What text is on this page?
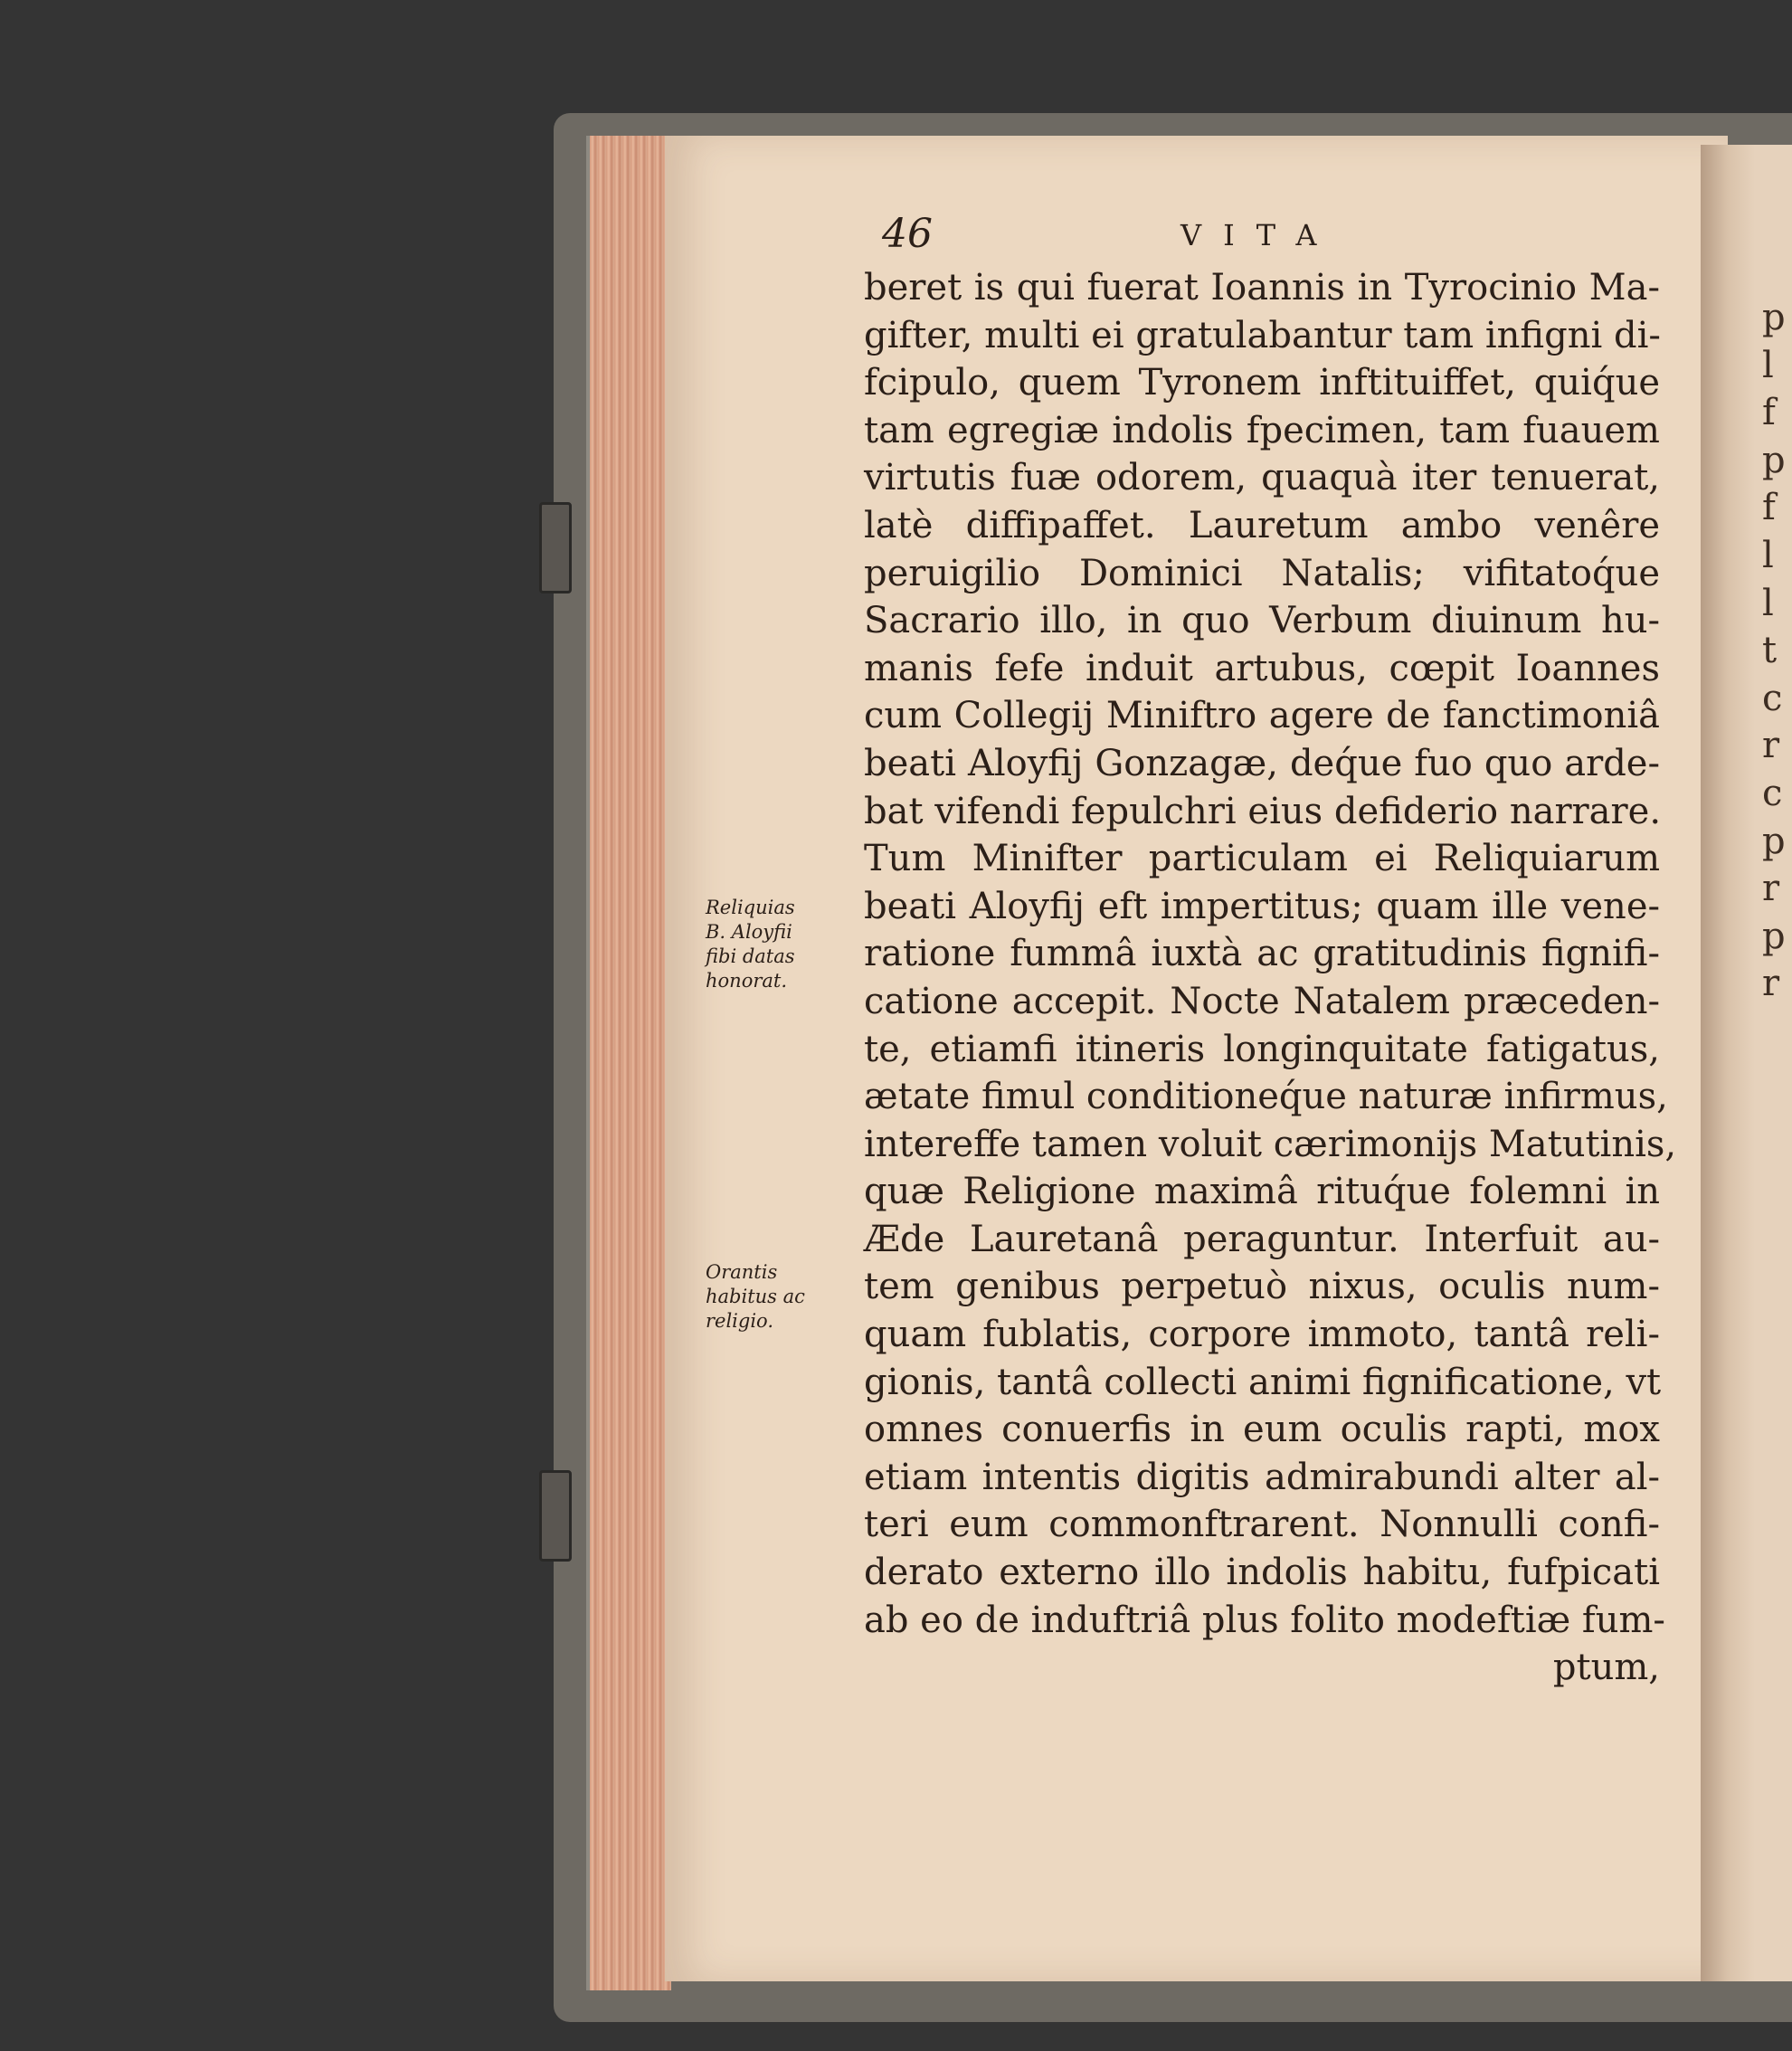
p
l
f
p
f
l
l
t
c
r
c
p
r
p
r
46	VITA
beret is qui fuerat Ioannis in Tyrocinio Ma-
gifter, multi ei gratulabantur tam infigni di-
fcipulo, quem Tyronem inftituiffet, quiq́ue
tam egregiæ indolis fpecimen, tam fuauem
virtutis fuæ odorem, quaquà iter tenuerat,
latè diffipaffet. Lauretum ambo venêre
peruigilio Dominici Natalis; vifitatoq́ue
Sacrario illo, in quo Verbum diuinum hu-
manis fefe induit artubus, cœpit Ioannes
cum Collegij Miniftro agere de fanctimoniâ
beati Aloyfij Gonzagæ, deq́ue fuo quo arde-
bat vifendi fepulchri eius defiderio narrare.
Tum Minifter particulam ei Reliquiarum
beati Aloyfij eft impertitus; quam ille vene-
ratione fummâ iuxtà ac gratitudinis fignifi-
catione accepit. Nocte Natalem præceden-
te, etiamfi itineris longinquitate fatigatus,
ætate fimul conditioneq́ue naturæ infirmus,
intereffe tamen voluit cærimonijs Matutinis,
quæ Religione maximâ rituq́ue folemni in
Æde Lauretanâ peraguntur. Interfuit au-
tem genibus perpetuò nixus, oculis num-
quam fublatis, corpore immoto, tantâ reli-
gionis, tantâ collecti animi fignificatione, vt
omnes conuerfis in eum oculis rapti, mox
etiam intentis digitis admirabundi alter al-
teri eum commonftrarent. Nonnulli confi-
derato externo illo indolis habitu, fufpicati
ab eo de induftriâ plus folito modeftiæ fum-
ptum,
Reliquias
B. Aloyfii
fibi datas
honorat.
Orantis
habitus ac
religio.
